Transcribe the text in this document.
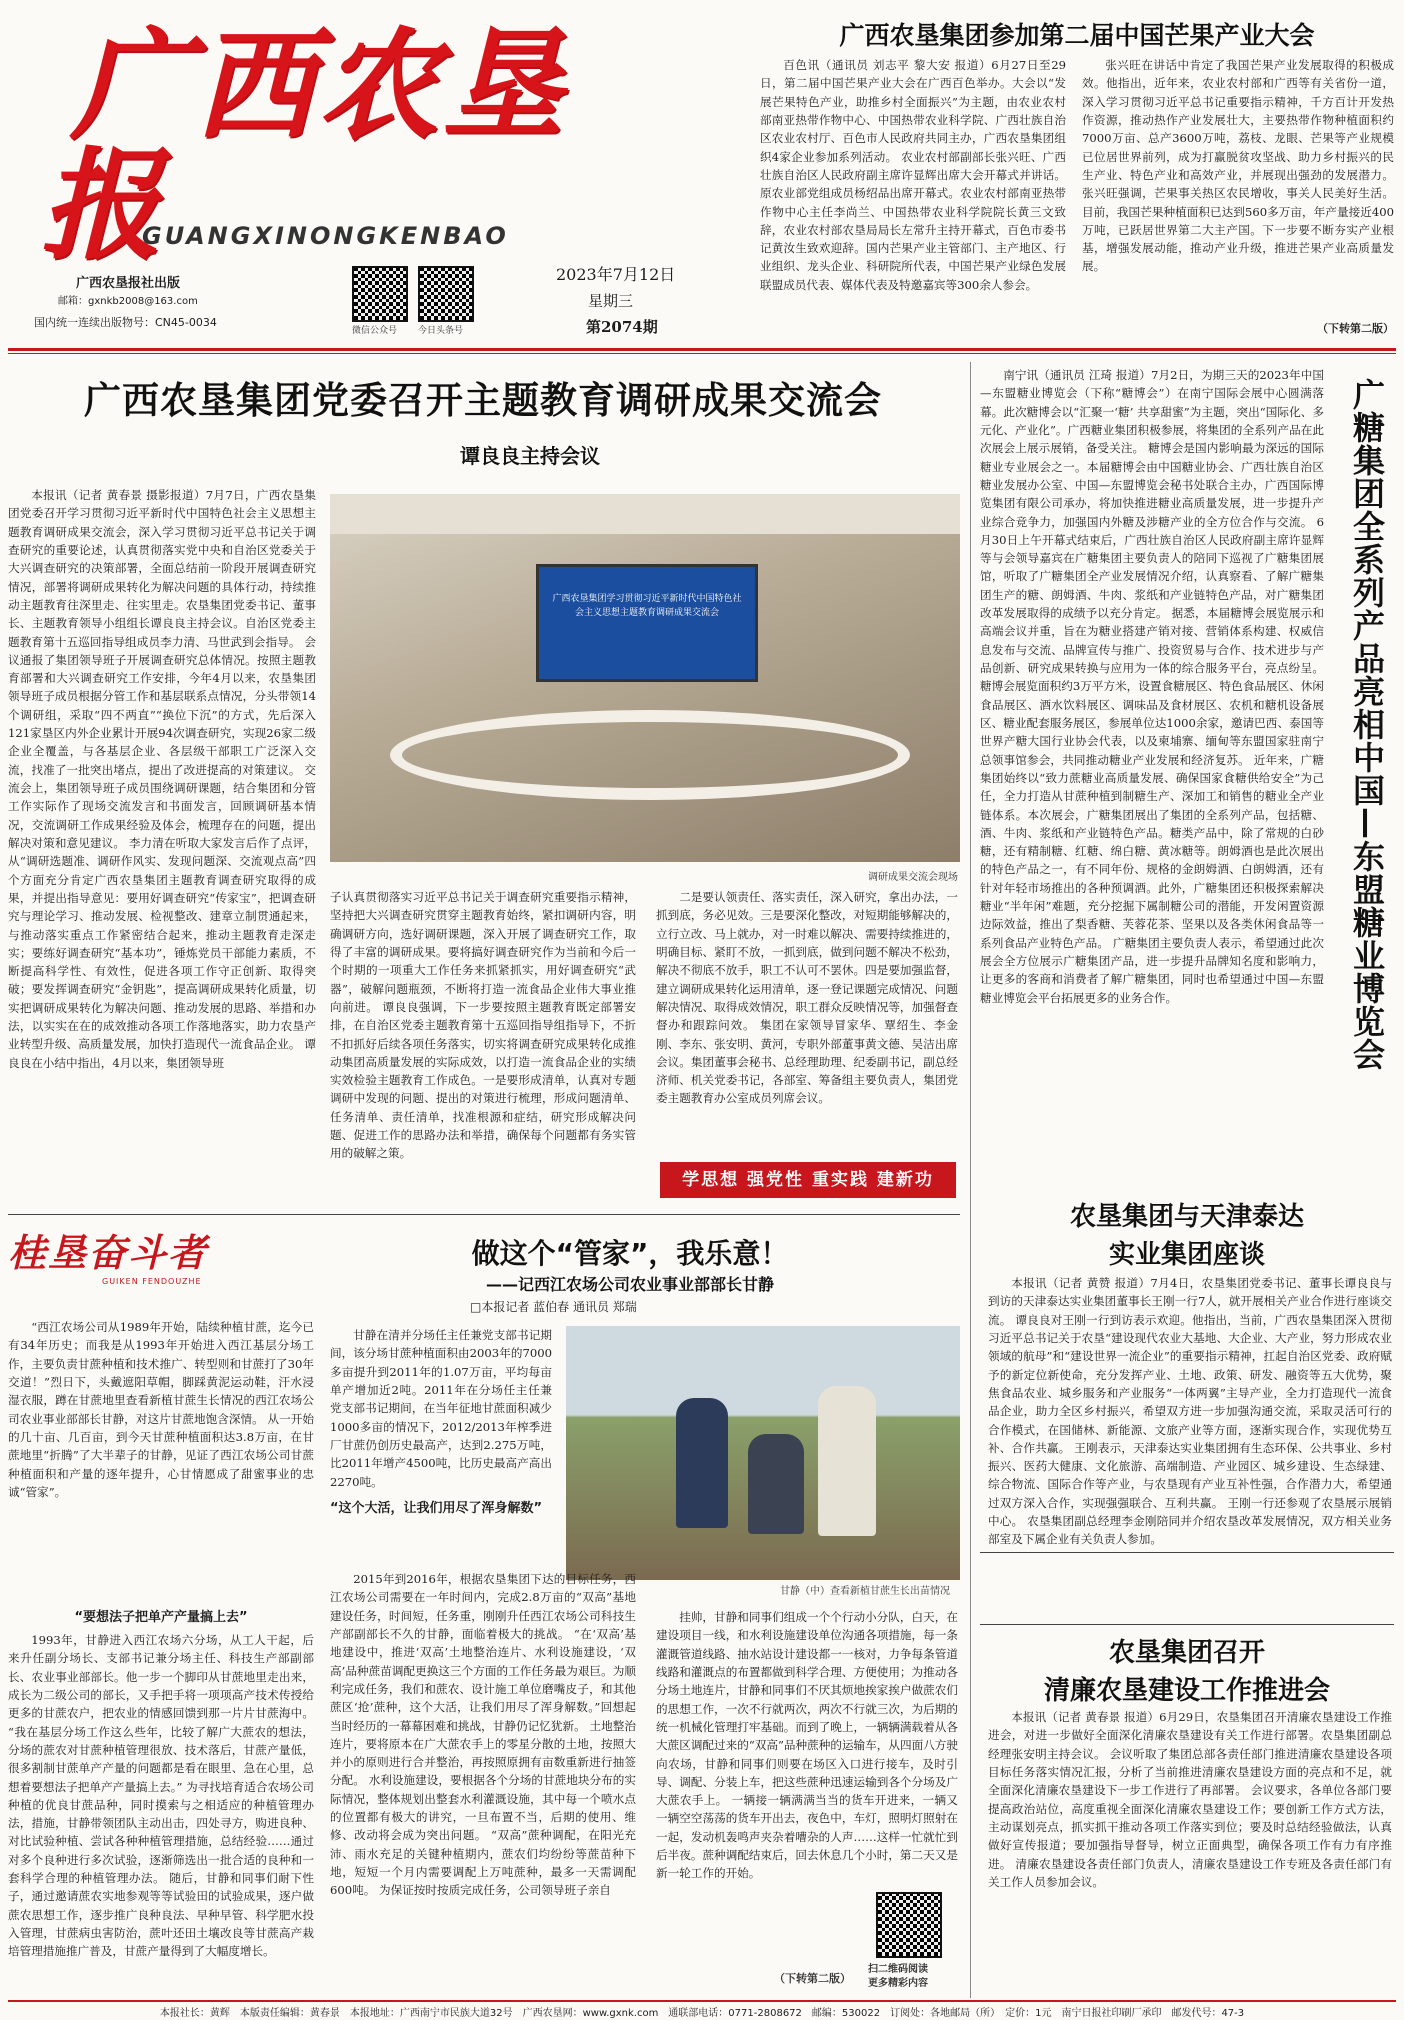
广西农垦报
GUANGXINONGKENBAO
广西农垦报社出版
邮箱：gxnkb2008@163.com
国内统一连续出版物号：CN45-0034
微信公众号 今日头条号
2023年7月12日
星期三
第2074期
广西农垦集团参加第二届中国芒果产业大会
百色讯（通讯员 刘志平 黎大安 报道）6月27日至29日，第二届中国芒果产业大会在广西百色举办。大会以“发展芒果特色产业，助推乡村全面振兴”为主题，由农业农村部南亚热带作物中心、中国热带农业科学院、广西壮族自治区农业农村厅、百色市人民政府共同主办，广西农垦集团组织4家企业参加系列活动。 农业农村部副部长张兴旺、广西壮族自治区人民政府副主席许显辉出席大会开幕式并讲话。原农业部党组成员杨绍品出席开幕式。农业农村部南亚热带作物中心主任李尚兰、中国热带农业科学院院长黄三文致辞，农业农村部农垦局局长左常升主持开幕式，百色市委书记黄汝生致欢迎辞。国内芒果产业主管部门、主产地区、行业组织、龙头企业、科研院所代表，中国芒果产业绿色发展联盟成员代表、媒体代表及特邀嘉宾等300余人参会。
张兴旺在讲话中肯定了我国芒果产业发展取得的积极成效。他指出，近年来，农业农村部和广西等有关省份一道，深入学习贯彻习近平总书记重要指示精神，千方百计开发热作资源，推动热作产业发展壮大，主要热带作物种植面积约7000万亩、总产3600万吨，荔枝、龙眼、芒果等产业规模已位居世界前列，成为打赢脱贫攻坚战、助力乡村振兴的民生产业、特色产业和高效产业，并展现出强劲的发展潜力。 张兴旺强调，芒果事关热区农民增收，事关人民美好生活。目前，我国芒果种植面积已达到560多万亩，年产量接近400万吨，已跃居世界第二大主产国。下一步要不断夯实产业根基，增强发展动能，推动产业升级，推进芒果产业高质量发展。
（下转第二版）
广西农垦集团党委召开主题教育调研成果交流会
谭良良主持会议
本报讯（记者 黄春景 摄影报道）7月7日，广西农垦集团党委召开学习贯彻习近平新时代中国特色社会主义思想主题教育调研成果交流会，深入学习贯彻习近平总书记关于调查研究的重要论述，认真贯彻落实党中央和自治区党委关于大兴调查研究的决策部署，全面总结前一阶段开展调查研究情况，部署将调研成果转化为解决问题的具体行动，持续推动主题教育往深里走、往实里走。农垦集团党委书记、董事长、主题教育领导小组组长谭良良主持会议。自治区党委主题教育第十五巡回指导组成员李力清、马世武到会指导。 会议通报了集团领导班子开展调查研究总体情况。按照主题教育部署和大兴调查研究工作安排，今年4月以来，农垦集团领导班子成员根据分管工作和基层联系点情况，分头带领14个调研组，采取“四不两直”“换位下沉”的方式，先后深入121家垦区内外企业累计开展94次调查研究，实现26家二级企业全覆盖，与各基层企业、各层级干部职工广泛深入交流，找准了一批突出堵点，提出了改进提高的对策建议。 交流会上，集团领导班子成员围绕调研课题，结合集团和分管工作实际作了现场交流发言和书面发言，回顾调研基本情况，交流调研工作成果经验及体会，梳理存在的问题，提出解决对策和意见建议。 李力清在听取大家发言后作了点评，从“调研选题准、调研作风实、发现问题深、交流观点高”四个方面充分肯定广西农垦集团主题教育调查研究取得的成果，并提出指导意见：要用好调查研究“传家宝”，把调查研究与理论学习、推动发展、检视整改、建章立制贯通起来，与推动落实重点工作紧密结合起来，推动主题教育走深走实；要练好调查研究“基本功”，锤炼党员干部能力素质，不断提高科学性、有效性，促进各项工作守正创新、取得突破；要发挥调查研究“金钥匙”，提高调研成果转化质量，切实把调研成果转化为解决问题、推动发展的思路、举措和办法，以实实在在的成效推动各项工作落地落实，助力农垦产业转型升级、高质量发展，加快打造现代一流食品企业。 谭良良在小结中指出，4月以来，集团领导班
广西农垦集团学习贯彻习近平新时代中国特色社会主义思想主题教育调研成果交流会
调研成果交流会现场
子认真贯彻落实习近平总书记关于调查研究重要指示精神，坚持把大兴调查研究贯穿主题教育始终，紧扣调研内容，明确调研方向，选好调研课题，深入开展了调查研究工作，取得了丰富的调研成果。要将搞好调查研究作为当前和今后一个时期的一项重大工作任务来抓紧抓实，用好调查研究“武器”，破解问题瓶颈，不断将打造一流食品企业伟大事业推向前进。 谭良良强调，下一步要按照主题教育既定部署安排，在自治区党委主题教育第十五巡回指导组指导下，不折不扣抓好后续各项任务落实，切实将调查研究成果转化成推动集团高质量发展的实际成效，以打造一流食品企业的实绩实效检验主题教育工作成色。一是要形成清单，认真对专题调研中发现的问题、提出的对策进行梳理，形成问题清单、任务清单、责任清单，找准根源和症结，研究形成解决问题、促进工作的思路办法和举措，确保每个问题都有务实管用的破解之策。
二是要认领责任、落实责任，深入研究，拿出办法，一抓到底，务必见效。三是要深化整改，对短期能够解决的，立行立改、马上就办，对一时难以解决、需要持续推进的，明确目标、紧盯不放，一抓到底，做到问题不解决不松劲，解决不彻底不放手，职工不认可不罢休。四是要加强监督，建立调研成果转化运用清单，逐一登记课题完成情况、问题解决情况、取得成效情况，职工群众反映情况等，加强督查督办和跟踪问效。 集团在家领导冒家华、覃绍生、李金刚、李东、张安明、黄河，专职外部董事黄文德、吴洁出席会议。集团董事会秘书、总经理助理、纪委副书记，副总经济师、机关党委书记，各部室、筹备组主要负责人，集团党委主题教育办公室成员列席会议。
学思想 强党性 重实践 建新功
南宁讯（通讯员 江琦 报道）7月2日，为期三天的2023年中国—东盟糖业博览会（下称“糖博会”）在南宁国际会展中心圆满落幕。此次糖博会以“汇聚一‘糖’ 共享甜蜜”为主题，突出“国际化、多元化、产业化”。广西糖业集团积极参展，将集团的全系列产品在此次展会上展示展销，备受关注。 糖博会是国内影响最为深远的国际糖业专业展会之一。本届糖博会由中国糖业协会、广西壮族自治区糖业发展办公室、中国—东盟博览会秘书处联合主办，广西国际博览集团有限公司承办，将加快推进糖业高质量发展，进一步提升产业综合竞争力，加强国内外糖及涉糖产业的全方位合作与交流。 6月30日上午开幕式结束后，广西壮族自治区人民政府副主席许显辉等与会领导嘉宾在广糖集团主要负责人的陪同下巡视了广糖集团展馆，听取了广糖集团全产业发展情况介绍，认真察看、了解广糖集团生产的糖、朗姆酒、牛肉、浆纸和产业链特色产品，对广糖集团改革发展取得的成绩予以充分肯定。 据悉，本届糖博会展览展示和高端会议并重，旨在为糖业搭建产销对接、营销体系构建、权威信息发布与交流、品牌宣传与推广、投资贸易与合作、技术进步与产品创新、研究成果转换与应用为一体的综合服务平台，亮点纷呈。糖博会展览面积约3万平方米，设置食糖展区、特色食品展区、休闲食品展区、酒水饮料展区、调味品及食材展区、农机和糖机设备展区、糖业配套服务展区，参展单位达1000余家，邀请巴西、泰国等世界产糖大国行业协会代表，以及柬埔寨、缅甸等东盟国家驻南宁总领事馆参会，共同推动糖业产业发展和经济复苏。 近年来，广糖集团始终以“致力蔗糖业高质量发展、确保国家食糖供给安全”为己任，全力打造从甘蔗种植到制糖生产、深加工和销售的糖业全产业链体系。本次展会，广糖集团展出了集团的全系列产品，包括糖、酒、牛肉、浆纸和产业链特色产品。糖类产品中，除了常规的白砂糖，还有精制糖、红糖、绵白糖、黄冰糖等。朗姆酒也是此次展出的特色产品之一，有不同年份、规格的金朗姆酒、白朗姆酒，还有针对年轻市场推出的各种预调酒。此外，广糖集团还积极探索解决糖业“半年闲”难题，充分挖掘下属制糖公司的潜能，开发闲置资源边际效益，推出了梨香糖、芙蓉花茶、坚果以及各类休闲食品等一系列食品产业特色产品。 广糖集团主要负责人表示，希望通过此次展会全方位展示广糖集团产品，进一步提升品牌知名度和影响力，让更多的客商和消费者了解广糖集团，同时也希望通过中国—东盟糖业博览会平台拓展更多的业务合作。	广糖集团全系列产品亮相中国—东盟糖业博览会
农垦集团与天津泰达
实业集团座谈
本报讯（记者 黄赞 报道）7月4日，农垦集团党委书记、董事长谭良良与到访的天津泰达实业集团董事长王刚一行7人，就开展相关产业合作进行座谈交流。 谭良良对王刚一行到访表示欢迎。他指出，当前，广西农垦集团深入贯彻习近平总书记关于农垦“建设现代农业大基地、大企业、大产业，努力形成农业领域的航母”和“建设世界一流企业”的重要指示精神，扛起自治区党委、政府赋予的新定位新使命，充分发挥产业、土地、政策、研发、融资等五大优势，聚焦食品农业、城乡服务和产业服务“一体两翼”主导产业，全力打造现代一流食品企业，助力全区乡村振兴，希望双方进一步加强沟通交流，采取灵活可行的合作模式，在国储林、新能源、文旅产业等方面，逐渐实现合作，实现优势互补、合作共赢。 王刚表示，天津泰达实业集团拥有生态环保、公共事业、乡村振兴、医药大健康、文化旅游、高端制造、产业园区、城乡建设、生态绿建、综合物流、国际合作等产业，与农垦现有产业互补性强，合作潜力大，希望通过双方深入合作，实现强强联合、互利共赢。 王刚一行还参观了农垦展示展销中心。 农垦集团副总经理李金刚陪同并介绍农垦改革发展情况，双方相关业务部室及下属企业有关负责人参加。
农垦集团召开
清廉农垦建设工作推进会
本报讯（记者 黄春景 报道）6月29日，农垦集团召开清廉农垦建设工作推进会，对进一步做好全面深化清廉农垦建设有关工作进行部署。农垦集团副总经理张安明主持会议。 会议听取了集团总部各责任部门推进清廉农垦建设各项目标任务落实情况汇报，分析了当前推进清廉农垦建设方面的亮点和不足，就全面深化清廉农垦建设下一步工作进行了再部署。 会议要求，各单位各部门要提高政治站位，高度重视全面深化清廉农垦建设工作；要创新工作方式方法，主动谋划亮点，抓实抓干推动各项工作落实到位；要及时总结经验做法，认真做好宣传报道；要加强指导督导，树立正面典型，确保各项工作有力有序推进。 清廉农垦建设各责任部门负责人，清廉农垦建设工作专班及各责任部门有关工作人员参加会议。
桂垦奋斗者
GUIKEN FENDOUZHE
做这个“管家”，我乐意！
——记西江农场公司农业事业部部长甘静
□本报记者 蓝伯春 通讯员 郑瑞
“西江农场公司从1989年开始，陆续种植甘蔗，迄今已有34年历史；而我是从1993年开始进入西江基层分场工作，主要负责甘蔗种植和技术推广、转型则和甘蔗打了30年交道！”烈日下，头戴遮阳草帽，脚踩黄泥运动鞋，汗水浸湿衣服，蹲在甘蔗地里查看新植甘蔗生长情况的西江农场公司农业事业部部长甘静，对这片甘蔗地饱含深情。 从一开始的几十亩、几百亩，到今天甘蔗种植面积达3.8万亩，在甘蔗地里“折腾”了大半辈子的甘静，见证了西江农场公司甘蔗种植面积和产量的逐年提升，心甘情愿成了甜蜜事业的忠诚“管家”。
“要想法子把单产产量搞上去”
1993年，甘静进入西江农场六分场，从工人干起，后来升任副分场长、支部书记兼分场主任、科技生产部副部长、农业事业部部长。他一步一个脚印从甘蔗地里走出来，成长为二级公司的部长，又手把手将一项项高产技术传授给更多的甘蔗农户，把农业的情感回馈到那一片片甘蔗海中。 “我在基层分场工作这么些年，比较了解广大蔗农的想法，分场的蔗农对甘蔗种植管理很放、技术落后，甘蔗产量低，很多割制甘蔗单产产量的问题都是看在眼里、急在心里，总想着要想法子把单产产量搞上去。” 为寻找培育适合农场公司种植的优良甘蔗品种，同时摸索与之相适应的种植管理办法，措施，甘静带领团队主动出击，四处寻方，购进良种、对比试验种植、尝试各种种植管理措施，总结经验……通过对多个良种进行多次试验，逐渐筛选出一批合适的良种和一套科学合理的种植管理办法。 随后，甘静和同事们耐下性子，通过邀请蔗农实地参观等等试验田的试验成果，逐户做蔗农思想工作，逐步推广良种良法、早种早管、科学肥水投入管理，甘蔗病虫害防治，蔗叶还田土壤改良等甘蔗高产栽培管理措施推广普及，甘蔗产量得到了大幅度增长。
甘静在清并分场任主任兼党支部书记期间，该分场甘蔗种植面积由2003年的7000多亩提升到2011年的1.07万亩，平均每亩单产增加近2吨。2011年在分场任主任兼党支部书记期间，在当年征地甘蔗面积减少1000多亩的情况下，2012/2013年榨季进厂甘蔗仍创历史最高产，达到2.275万吨，比2011年增产4500吨，比历史最高产高出2270吨。
“这个大活，让我们用尽了浑身解数”
甘静（中）查看新植甘蔗生长出苗情况
2015年到2016年，根据农垦集团下达的目标任务，西江农场公司需要在一年时间内，完成2.8万亩的“双高”基地建设任务，时间短，任务重，刚刚升任西江农场公司科技生产部副部长不久的甘静，面临着极大的挑战。 “在‘双高’基地建设中，推进‘双高’土地整治连片、水利设施建设，‘双高’品种蔗苗调配更换这三个方面的工作任务最为艰巨。为顺利完成任务，我们和蔗农、设计施工单位磨嘴皮子，和其他蔗区‘抢’蔗种，这个大活，让我们用尽了浑身解数。”回想起当时经历的一幕幕困难和挑战，甘静仍记忆犹新。 土地整治连片，要将原本在广大蔗农手上的零星分散的土地，按照大并小的原则进行合并整治，再按照原拥有亩数重新进行抽签分配。 水利设施建设，要根据各个分场的甘蔗地块分布的实际情况，整体规划出整套水利灌溉设施，其中每一个喷水点的位置都有极大的讲究，一旦布置不当，后期的使用、维修、改动将会成为突出问题。 “双高”蔗种调配，在阳光充沛、雨水充足的关键种植期内，蔗农们均纷纷等蔗苗种下地，短短一个月内需要调配上万吨蔗种，最多一天需调配600吨。 为保证按时按质完成任务，公司领导班子亲自
挂帅，甘静和同事们组成一个个行动小分队，白天，在建设项目一线，和水利设施建设单位沟通各项措施，每一条灌溉管道线路、抽水站设计建设都一一核对，力争每条管道线路和灌溉点的布置都做到科学合理、方便使用；为推动各分场土地连片，甘静和同事们不厌其烦地挨家挨户做蔗农们的思想工作，一次不行就两次，两次不行就三次，为后期的统一机械化管理打牢基础。而到了晚上，一辆辆满载着从各大蔗区调配过来的“双高”品种蔗种的运输车，从四面八方驶向农场，甘静和同事们则要在场区入口进行接车，及时引导、调配、分装上车，把这些蔗种迅速运输到各个分场及广大蔗农手上。 一辆接一辆满满当当的货车开进来，一辆又一辆空空荡荡的货车开出去，夜色中，车灯，照明灯照射在一起，发动机轰鸣声夹杂着嘈杂的人声……这样一忙就忙到后半夜。蔗种调配结束后，回去休息几个小时，第二天又是新一轮工作的开始。
扫二维码阅读
更多精彩内容
（下转第二版）
本报社长：黄辉　本版责任编辑：黄春景　本报地址：广西南宁市民族大道32号　广西农垦网：www.gxnk.com　通联部电话：0771-2808672　邮编：530022　订阅处：各地邮局（所）　定价：1元　南宁日报社印刷厂承印　邮发代号：47-3
